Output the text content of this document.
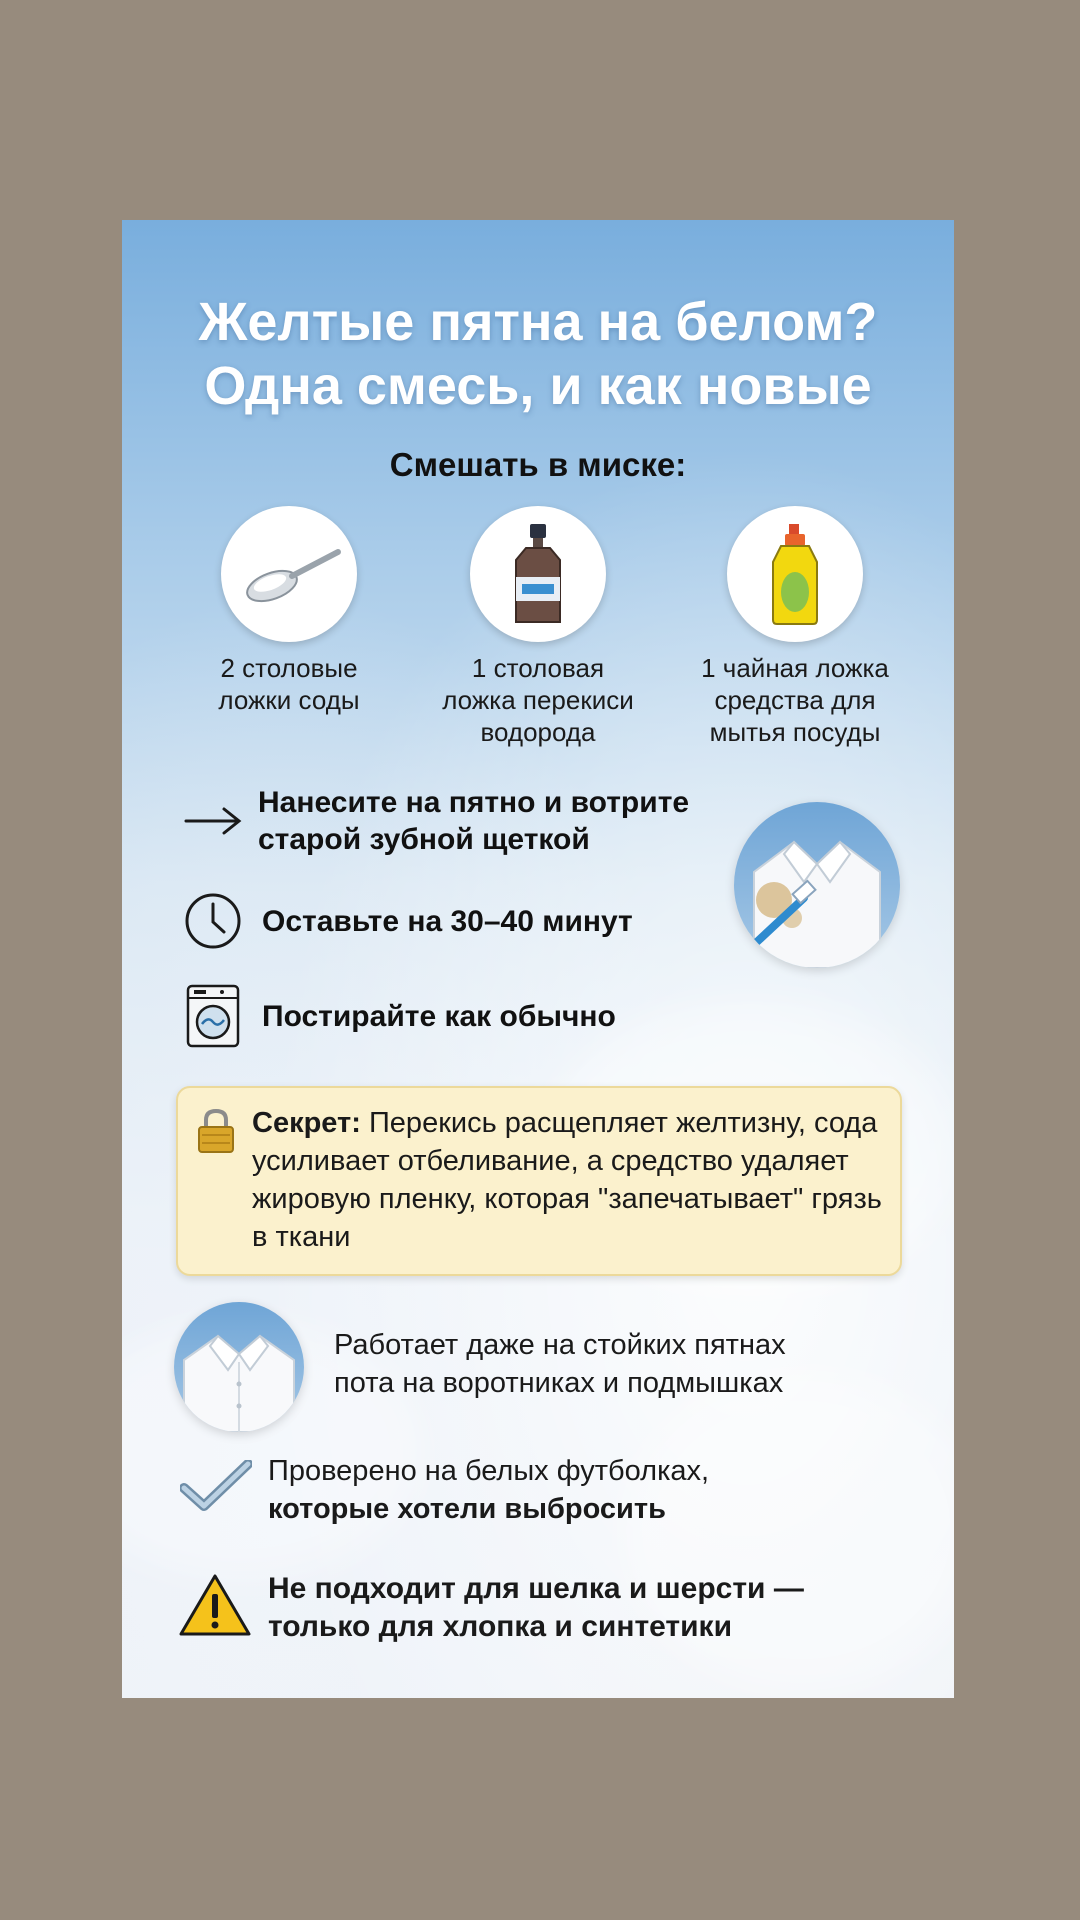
Желтые пятна на белом?
Одна смесь, и как новые
Смешать в миске:
2 столовые
ложки соды
1 столовая
ложка перекиси
водорода
1 чайная ложка
средства для
мытья посуды
Нанесите на пятно и вотрите
старой зубной щеткой
Оставьте на 30–40 минут
Постирайте как обычно
Секрет: Перекись расщепляет желтизну, сода усиливает отбеливание, а средство удаляет жировую пленку, которая "запечатывает" грязь в ткани
Работает даже на стойких пятнах
пота на воротниках и подмышках
Проверено на белых футболках,
которые хотели выбросить
Не подходит для шелка и шерсти —
только для хлопка и синтетики
